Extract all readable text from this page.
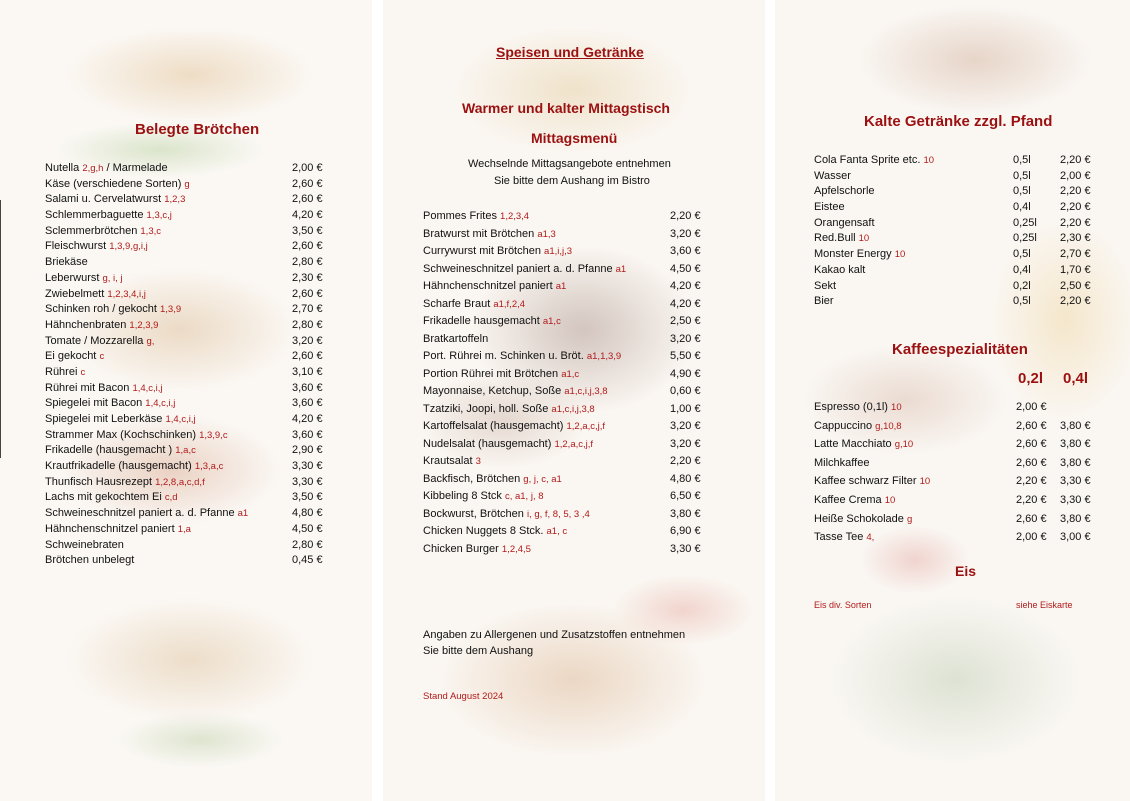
Belegte Brötchen
Nutella 2,g,h / Marmelade	2,00 €
Käse (verschiedene Sorten) g	2,60 €
Salami u. Cervelatwurst 1,2,3	2,60 €
Schlemmerbaguette 1,3,c,j	4,20 €
Sclemmerbrötchen 1,3,c	3,50 €
Fleischwurst 1,3,9,g,i,j	2,60 €
Briekäse	2,80 €
Leberwurst g, i, j	2,30 €
Zwiebelmett 1,2,3,4,i,j	2,60 €
Schinken roh / gekocht 1,3,9	2,70 €
Hähnchenbraten 1,2,3,9	2,80 €
Tomate / Mozzarella g,	3,20 €
Ei gekocht c	2,60 €
Rührei c	3,10 €
Rührei mit Bacon 1,4,c,i,j	3,60 €
Spiegelei mit Bacon 1,4,c,i,j	3,60 €
Spiegelei mit Leberkäse 1,4,c,i,j	4,20 €
Strammer Max (Kochschinken) 1,3,9,c	3,60 €
Frikadelle (hausgemacht ) 1,a,c	2,90 €
Krautfrikadelle (hausgemacht) 1,3,a,c	3,30 €
Thunfisch Hausrezept 1,2,8,a,c,d,f	3,30 €
Lachs mit gekochtem Ei c,d	3,50 €
Schweineschnitzel paniert a. d. Pfanne a1	4,80 €
Hähnchenschnitzel paniert 1,a	4,50 €
Schweinebraten	2,80 €
Brötchen unbelegt	0,45 €
Speisen und Getränke
Warmer und kalter Mittagstisch
Mittagsmenü
Wechselnde Mittagsangebote entnehmen
Sie bitte dem Aushang im Bistro
Pommes Frites 1,2,3,4	2,20 €
Bratwurst mit Brötchen a1,3	3,20 €
Currywurst mit Brötchen a1,i,j,3	3,60 €
Schweineschnitzel paniert a. d. Pfanne a1	4,50 €
Hähnchenschnitzel paniert a1	4,20 €
Scharfe Braut a1,f,2,4	4,20 €
Frikadelle hausgemacht a1,c	2,50 €
Bratkartoffeln	3,20 €
Port. Rührei m. Schinken u. Bröt. a1,1,3,9	5,50 €
Portion Rührei mit Brötchen a1,c	4,90 €
Mayonnaise, Ketchup, Soße a1,c,i,j,3,8	0,60 €
Tzatziki, Joopi, holl. Soße a1,c,i,j,3,8	1,00 €
Kartoffelsalat (hausgemacht) 1,2,a,c,j,f	3,20 €
Nudelsalat (hausgemacht) 1,2,a,c,j,f	3,20 €
Krautsalat 3	2,20 €
Backfisch, Brötchen g, j, c, a1	4,80 €
Kibbeling 8 Stck c, a1, j, 8	6,50 €
Bockwurst, Brötchen i, g, f, 8, 5, 3 ,4	3,80 €
Chicken Nuggets 8 Stck. a1, c	6,90 €
Chicken Burger 1,2,4,5	3,30 €
Angaben zu Allergenen und Zusatzstoffen entnehmen
Sie bitte dem Aushang
Stand August 2024
Kalte Getränke zzgl. Pfand
Cola Fanta Sprite etc. 10	0,5l	2,20 €
Wasser	0,5l	2,00 €
Apfelschorle	0,5l	2,20 €
Eistee	0,4l	2,20 €
Orangensaft	0,25l 2,20 €
Red.Bull 10	0,25l 2,30 €
Monster Energy 10	0,5l	2,70 €
Kakao kalt	0,4l	1,70 €
Sekt	0,2l	2,50 €
Bier	0,5l	2,20 €
Kaffeespezialitäten
0,2l 0,4l
Espresso (0,1l) 10	2,00 €
Cappuccino g,10,8	2,60 € 3,80 €
Latte Macchiato g,10	2,60 € 3,80 €
Milchkaffee	2,60 € 3,80 €
Kaffee schwarz Filter 10	2,20 € 3,30 €
Kaffee Crema 10	2,20 € 3,30 €
Heiße Schokolade g	2,60 € 3,80 €
Tasse Tee 4,	2,00 € 3,00 €
Eis
Eis div. Sorten	siehe Eiskarte
